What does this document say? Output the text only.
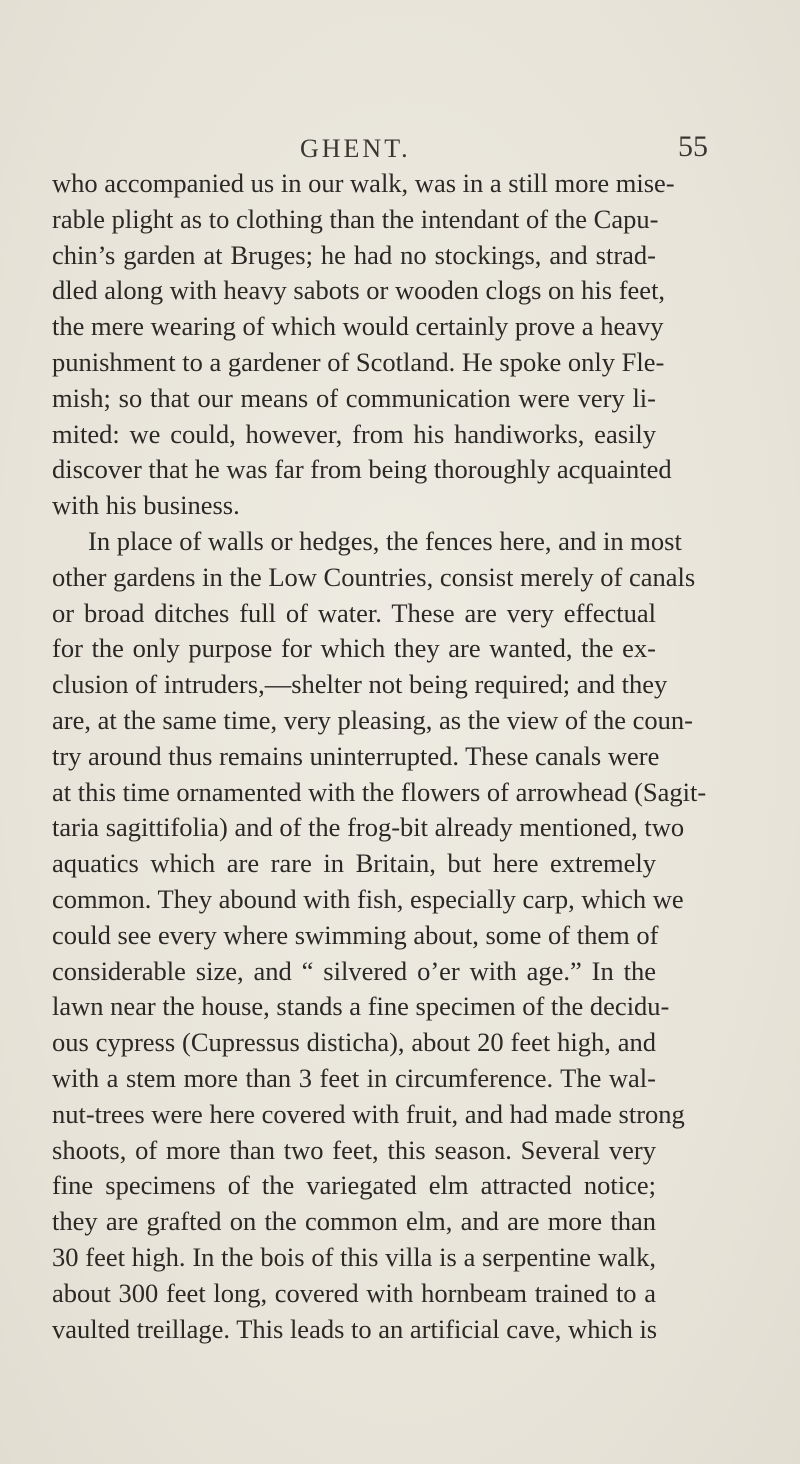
GHENT.	55
who accompanied us in our walk, was in a still more mise-
rable plight as to clothing than the intendant of the Capu-
chin’s garden at Bruges; he had no stockings, and strad-
dled along with heavy sabots or wooden clogs on his feet,
the mere wearing of which would certainly prove a heavy
punishment to a gardener of Scotland. He spoke only Fle-
mish; so that our means of communication were very li-
mited: we could, however, from his handiworks, easily
discover that he was far from being thoroughly acquainted
with his business.
In place of walls or hedges, the fences here, and in most
other gardens in the Low Countries, consist merely of canals
or broad ditches full of water. These are very effectual
for the only purpose for which they are wanted, the ex-
clusion of intruders,—shelter not being required; and they
are, at the same time, very pleasing, as the view of the coun-
try around thus remains uninterrupted. These canals were
at this time ornamented with the flowers of arrowhead (Sagit-
taria sagittifolia) and of the frog-bit already mentioned, two
aquatics which are rare in Britain, but here extremely
common. They abound with fish, especially carp, which we
could see every where swimming about, some of them of
considerable size, and “ silvered o’er with age.” In the
lawn near the house, stands a fine specimen of the decidu-
ous cypress (Cupressus disticha), about 20 feet high, and
with a stem more than 3 feet in circumference. The wal-
nut-trees were here covered with fruit, and had made strong
shoots, of more than two feet, this season. Several very
fine specimens of the variegated elm attracted notice;
they are grafted on the common elm, and are more than
30 feet high. In the bois of this villa is a serpentine walk,
about 300 feet long, covered with hornbeam trained to a
vaulted treillage. This leads to an artificial cave, which is
